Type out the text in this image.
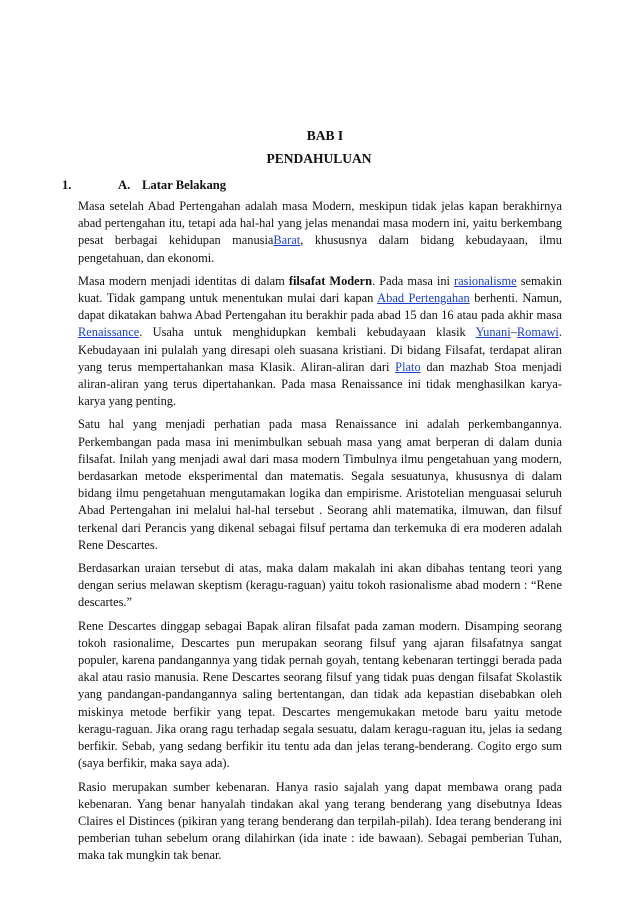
BAB I
PENDAHULUAN
1.	A. Latar Belakang

Masa setelah Abad Pertengahan adalah masa Modern, meskipun tidak jelas kapan berakhirnya abad pertengahan itu, tetapi ada hal-hal yang jelas menandai masa modern ini, yaitu berkembang pesat berbagai kehidupan manusiaBarat, khususnya dalam bidang kebudayaan, ilmu pengetahuan, dan ekonomi.

Masa modern menjadi identitas di dalam filsafat Modern. Pada masa ini rasionalisme semakin kuat. Tidak gampang untuk menentukan mulai dari kapan Abad Pertengahan berhenti. Namun, dapat dikatakan bahwa Abad Pertengahan itu berakhir pada abad 15 dan 16 atau pada akhir masa Renaissance. Usaha untuk menghidupkan kembali kebudayaan klasik Yunani–Romawi. Kebudayaan ini pulalah yang diresapi oleh suasana kristiani. Di bidang Filsafat, terdapat aliran yang terus mempertahankan masa Klasik. Aliran-aliran dari Plato dan mazhab Stoa menjadi aliran-aliran yang terus dipertahankan. Pada masa Renaissance ini tidak menghasilkan karya-karya yang penting.

Satu hal yang menjadi perhatian pada masa Renaissance ini adalah perkembangannya. Perkembangan pada masa ini menimbulkan sebuah masa yang amat berperan di dalam dunia filsafat. Inilah yang menjadi awal dari masa modern Timbulnya ilmu pengetahuan yang modern, berdasarkan metode eksperimental dan matematis. Segala sesuatunya, khususnya di dalam bidang ilmu pengetahuan mengutamakan logika dan empirisme. Aristotelian menguasai seluruh Abad Pertengahan ini melalui hal-hal tersebut . Seorang ahli matematika, ilmuwan, dan filsuf terkenal dari Perancis yang dikenal sebagai filsuf pertama dan terkemuka di era moderen adalah Rene Descartes.

Berdasarkan uraian tersebut di atas, maka dalam makalah ini akan dibahas tentang teori yang dengan serius melawan skeptism (keragu-raguan) yaitu tokoh rasionalisme abad modern : “Rene descartes.”

Rene Descartes dinggap sebagai Bapak aliran filsafat pada zaman modern. Disamping seorang tokoh rasionalime, Descartes pun merupakan seorang filsuf yang ajaran filsafatnya sangat populer, karena pandangannya yang tidak pernah goyah, tentang kebenaran tertinggi berada pada akal atau rasio manusia. Rene Descartes seorang filsuf yang tidak puas dengan filsafat Skolastik yang pandangan-pandangannya saling bertentangan, dan tidak ada kepastian disebabkan oleh miskinya metode berfikir yang tepat. Descartes mengemukakan metode baru yaitu metode keragu-raguan. Jika orang ragu terhadap segala sesuatu, dalam keragu-raguan itu, jelas ia sedang berfikir. Sebab, yang sedang berfikir itu tentu ada dan jelas terang-benderang. Cogito ergo sum (saya berfikir, maka saya ada).

Rasio merupakan sumber kebenaran. Hanya rasio sajalah yang dapat membawa orang pada kebenaran. Yang benar hanyalah tindakan akal yang terang benderang yang disebutnya Ideas Claires el Distinces (pikiran yang terang benderang dan terpilah-pilah). Idea terang benderang ini pemberian tuhan sebelum orang dilahirkan (ida inate : ide bawaan). Sebagai pemberian Tuhan, maka tak mungkin tak benar.
